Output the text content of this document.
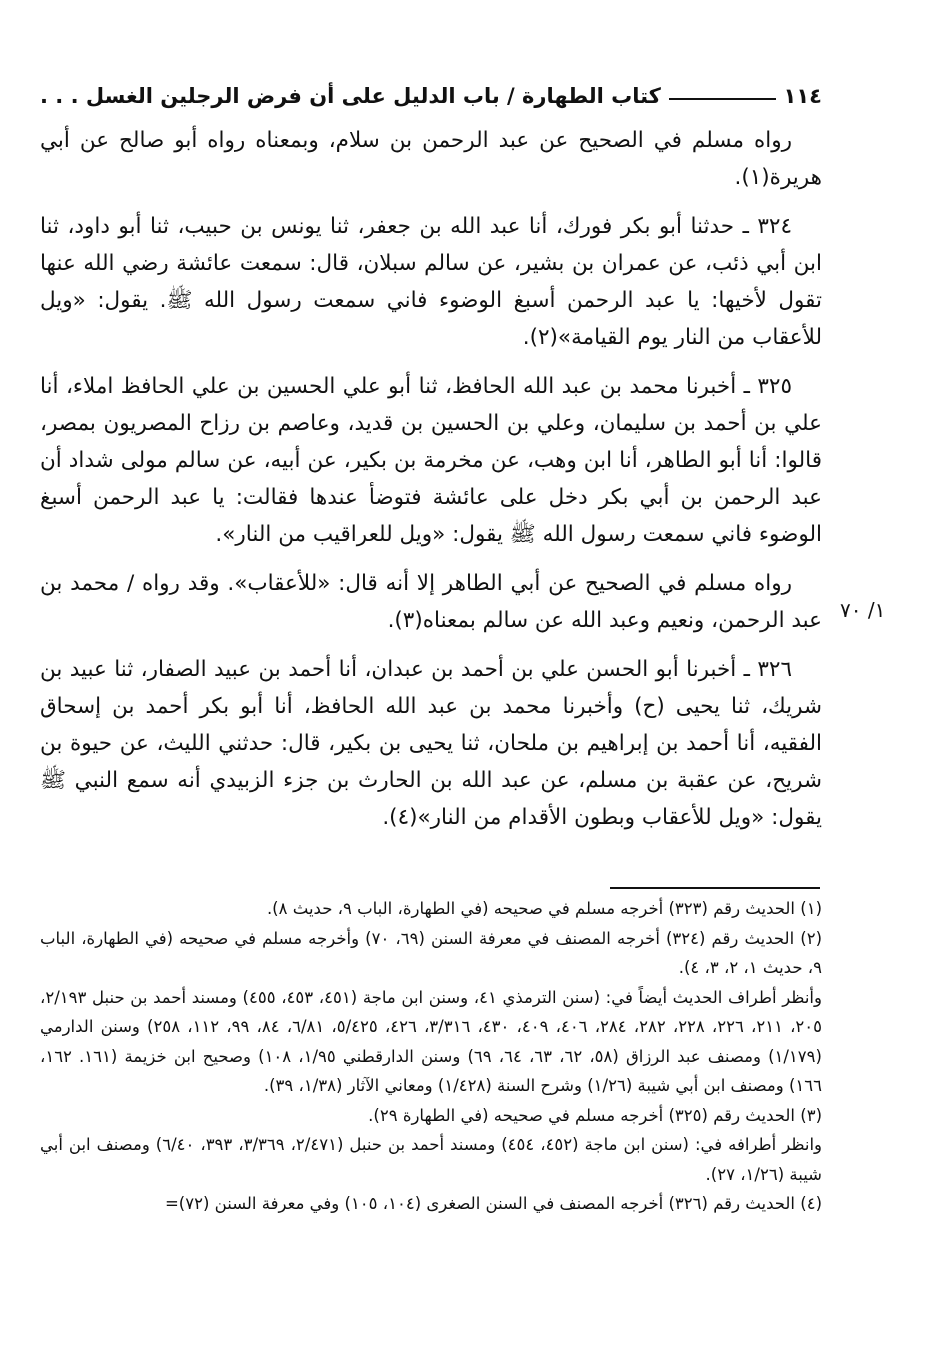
١١٤
كتاب الطهارة / باب الدليل على أن فرض الرجلين الغسل . . .

رواه مسلم في الصحيح عن عبد الرحمن بن سلام، وبمعناه رواه أبو صالح عن أبي هريرة(١).

٣٢٤ ـ حدثنا أبو بكر فورك، أنا عبد الله بن جعفر، ثنا يونس بن حبيب، ثنا أبو داود، ثنا ابن أبي ذئب، عن عمران بن بشير، عن سالم سبلان، قال: سمعت عائشة رضي الله عنها تقول لأخيها: يا عبد الرحمن أسبغ الوضوء فاني سمعت رسول الله ﷺ. يقول: «ويل للأعقاب من النار يوم القيامة»(٢).

٣٢٥ ـ أخبرنا محمد بن عبد الله الحافظ، ثنا أبو علي الحسين بن علي الحافظ املاء، أنا علي بن أحمد بن سليمان، وعلي بن الحسين بن قديد، وعاصم بن رزاح المصريون بمصر، قالوا: أنا أبو الطاهر، أنا ابن وهب، عن مخرمة بن بكير، عن أبيه، عن سالم مولى شداد أن عبد الرحمن بن أبي بكر دخل على عائشة فتوضأ عندها فقالت: يا عبد الرحمن أسبغ الوضوء فاني سمعت رسول الله ﷺ يقول: «ويل للعراقيب من النار».

رواه مسلم في الصحيح عن أبي الطاهر إلا أنه قال: «للأعقاب». وقد رواه / محمد بن عبد الرحمن، ونعيم وعبد الله عن سالم بمعناه(٣).

٣٢٦ ـ أخبرنا أبو الحسن علي بن أحمد بن عبدان، أنا أحمد بن عبيد الصفار، ثنا عبيد بن شريك، ثنا يحيى (ح) وأخبرنا محمد بن عبد الله الحافظ، أنا أبو بكر أحمد بن إسحاق الفقيه، أنا أحمد بن إبراهيم بن ملحان، ثنا يحيى بن بكير، قال: حدثني الليث، عن حيوة بن شريح، عن عقبة بن مسلم، عن عبد الله بن الحارث بن جزء الزبيدي أنه سمع النبي ﷺ يقول: «ويل للأعقاب وبطون الأقدام من النار»(٤).

١/ ٧٠

(١) الحديث رقم (٣٢٣) أخرجه مسلم في صحيحه (في الطهارة، الباب ٩، حديث ٨).

(٢) الحديث رقم (٣٢٤) أخرجه المصنف في معرفة السنن (٦٩، ٧٠) وأخرجه مسلم في صحيحه (في الطهارة، الباب ٩، حديث ١، ٢، ٣، ٤).

وأنظر أطراف الحديث أيضاً في: (سنن الترمذي ٤١، وسنن ابن ماجة (٤٥١، ٤٥٣، ٤٥٥) ومسند أحمد بن حنبل ٢/١٩٣، ٢٠٥، ٢١١، ٢٢٦، ٢٢٨، ٢٨٢، ٢٨٤، ٤٠٦، ٤٠٩، ٤٣٠، ٣/٣١٦، ٤٢٦، ٥/٤٢٥، ٦/٨١، ٨٤، ٩٩، ١١٢، ٢٥٨) وسنن الدارمي (١/١٧٩) ومصنف عبد الرزاق (٥٨، ٦٢، ٦٣، ٦٤، ٦٩) وسنن الدارقطني ١/٩٥، ١٠٨) وصحيح ابن خزيمة (١٦١. ١٦٢، ١٦٦) ومصنف ابن أبي شيبة (١/٢٦) وشرح السنة (١/٤٢٨) ومعاني الآثار (١/٣٨، ٣٩).

(٣) الحديث رقم (٣٢٥) أخرجه مسلم في صحيحه (في الطهارة ٢٩).

وانظر أطرافه في: (سنن ابن ماجة (٤٥٢، ٤٥٤) ومسند أحمد بن حنبل (٢/٤٧١، ٣/٣٦٩، ٣٩٣، ٦/٤٠) ومصنف ابن أبي شيبة (١/٢٦، ٢٧).

(٤) الحديث رقم (٣٢٦) أخرجه المصنف في السنن الصغرى (١٠٤، ١٠٥) وفي معرفة السنن (٧٢)=
